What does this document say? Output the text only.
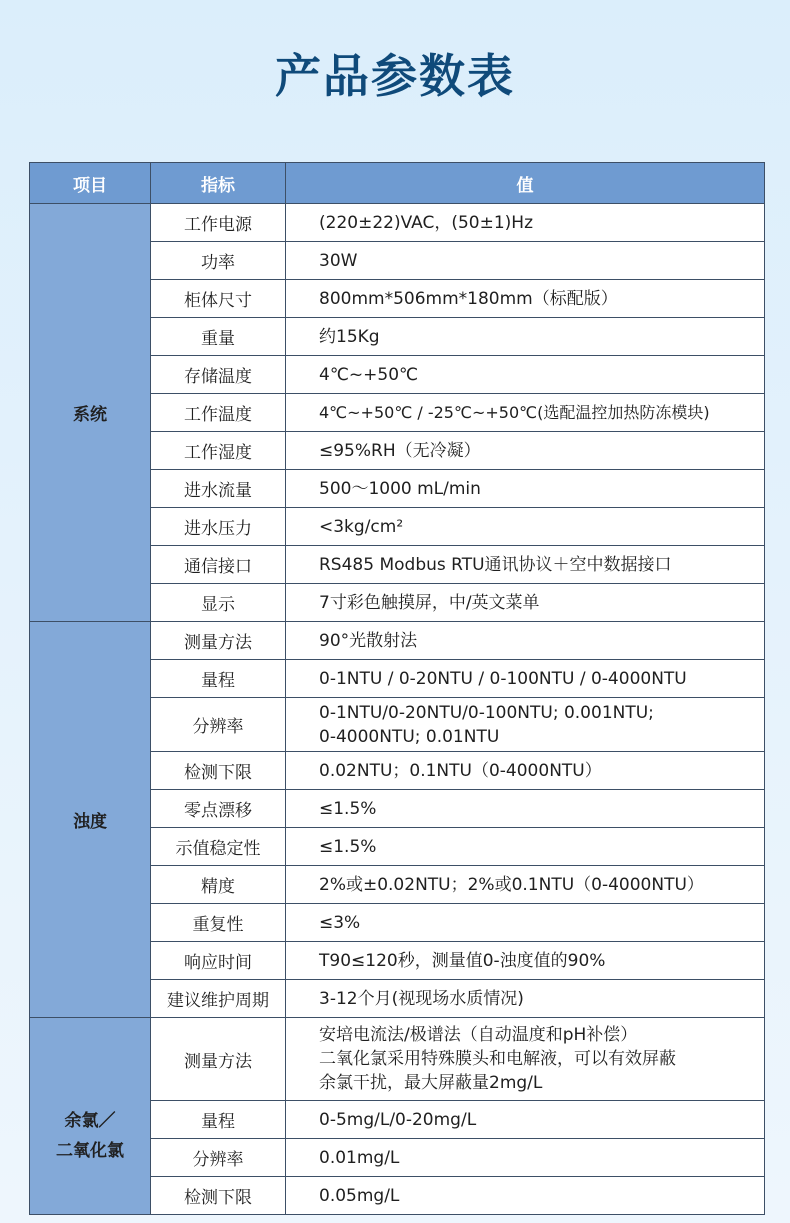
产品参数表
项目	指标	值
系统	工作电源	(220±22)VAC，(50±1)Hz
	功率	30W
	柜体尺寸	800mm*506mm*180mm（标配版）
	重量	约15Kg
	存储温度	4℃~+50℃
	工作温度	4℃~+50℃ / -25℃~+50℃(选配温控加热防冻模块)
	工作湿度	≤95%RH（无冷凝）
	进水流量	500～1000 mL/min
	进水压力	<3kg/cm²
	通信接口	RS485 Modbus RTU通讯协议＋空中数据接口
	显示	7寸彩色触摸屏，中/英文菜单
浊度	测量方法	90°光散射法
	量程	0-1NTU / 0-20NTU / 0-100NTU / 0-4000NTU
	分辨率	0-1NTU/0-20NTU/0-100NTU; 0.001NTU;
0-4000NTU; 0.01NTU

	检测下限	0.02NTU；0.1NTU（0-4000NTU）
	零点漂移	≤1.5%
	示值稳定性	≤1.5%
	精度	2%或±0.02NTU；2%或0.1NTU（0-4000NTU）
	重复性	≤3%
	响应时间	T90≤120秒，测量值0-浊度值的90%
	建议维护周期	3-12个月(视现场水质情况)

余氯／
二氧化氯	测量方法	安培电流法/极谱法（自动温度和pH补偿）
二氧化氯采用特殊膜头和电解液，可以有效屏蔽
余氯干扰，最大屏蔽量2mg/L

	量程	0-5mg/L/0-20mg/L
	分辨率	0.01mg/L
	检测下限	0.05mg/L
